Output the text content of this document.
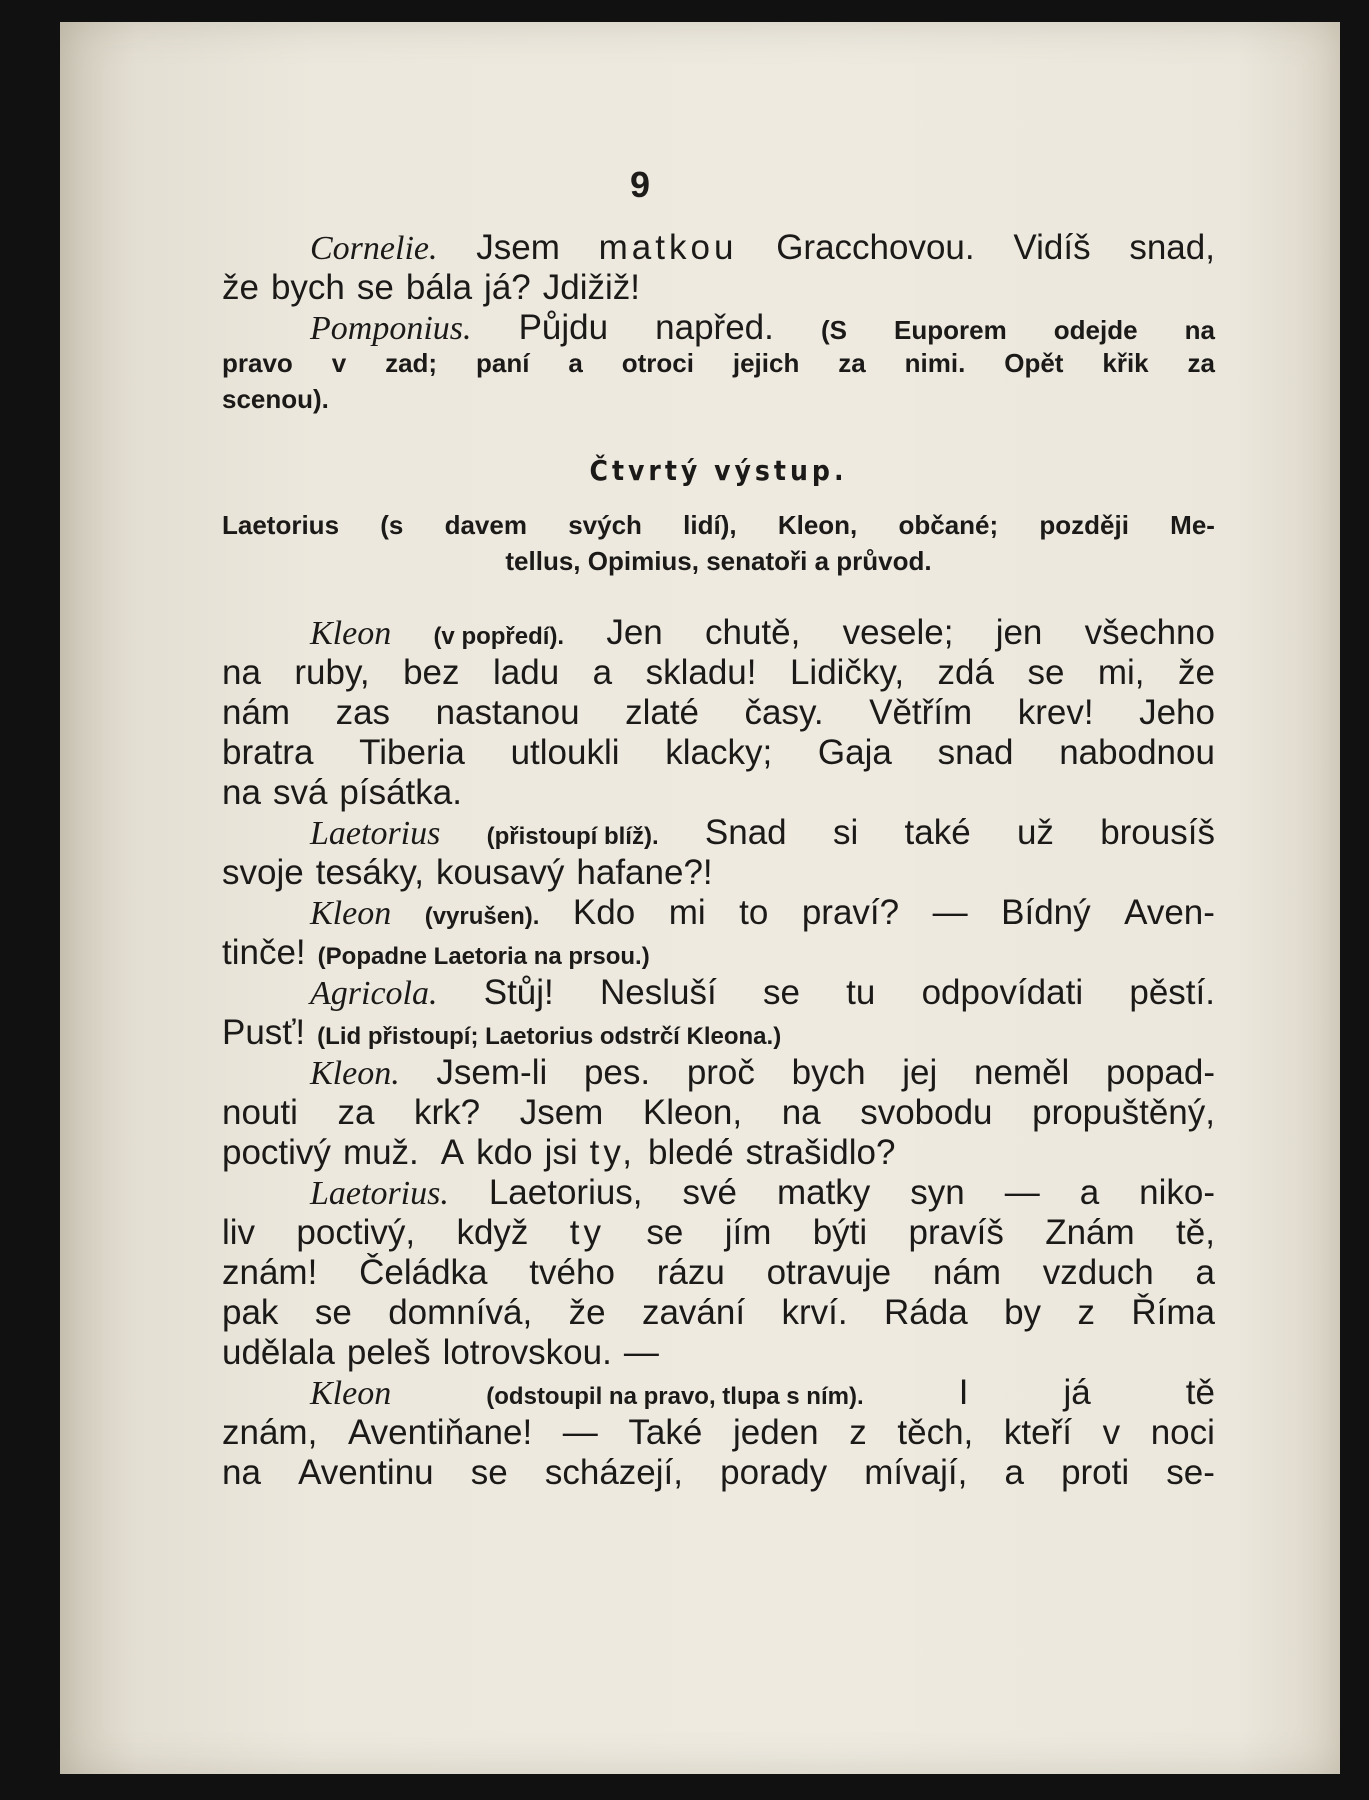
9
Cornelie. Jsem matkou Gracchovou. Vidíš snad,
že bych se bála já? Jdižiž!
Pomponius. Půjdu napřed. (S Euporem odejde na
pravo v zad; paní a otroci jejich za nimi. Opět křik za
scenou).
Čtvrtý výstup.
Laetorius (s davem svých lidí), Kleon, občané; později Me-
tellus, Opimius, senatoři a průvod.
Kleon (v popředí). Jen chutě, vesele; jen všechno
na ruby, bez ladu a skladu! Lidičky, zdá se mi, že
nám zas nastanou zlaté časy. Větřím krev! Jeho
bratra Tiberia utloukli klacky; Gaja snad nabodnou
na svá písátka.
Laetorius (přistoupí blíž). Snad si také už brousíš
svoje tesáky, kousavý hafane?!
Kleon (vyrušen). Kdo mi to praví? — Bídný Aven-
tinče! (Popadne Laetoria na prsou.)
Agricola. Stůj! Nesluší se tu odpovídati pěstí.
Pusť! (Lid přistoupí; Laetorius odstrčí Kleona.)
Kleon. Jsem-li pes. proč bych jej neměl popad-
nouti za krk? Jsem Kleon, na svobodu propuštěný,
poctivý muž. A kdo jsi ty, bledé strašidlo?
Laetorius. Laetorius, své matky syn — a niko-
liv poctivý, když ty se jím býti pravíš Znám tě,
znám! Čeládka tvého rázu otravuje nám vzduch a
pak se domnívá, že zavání krví. Ráda by z Říma
udělala peleš lotrovskou. —
Kleon	(odstoupil na pravo, tlupa s ním).	I	já	tě
znám, Aventiňane! — Také jeden z těch, kteří v noci
na Aventinu se scházejí, porady mívají, a proti se-
